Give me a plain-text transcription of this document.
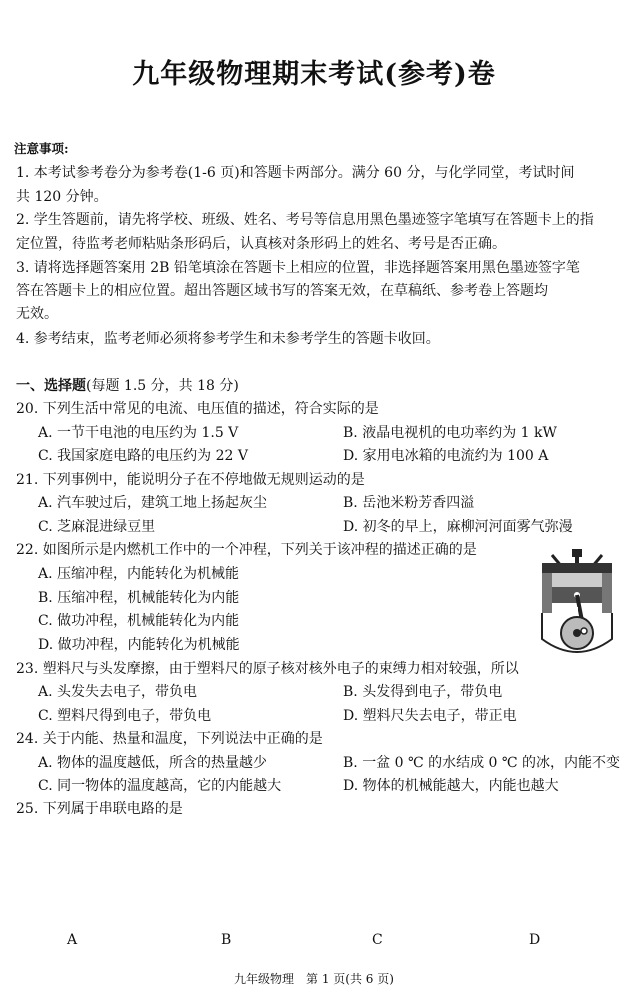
九年级物理期末考试(参考)卷
注意事项:
1. 本考试参考卷分为参考卷(1-6 页)和答题卡两部分。满分 60 分，与化学同堂，考试时间
共 120 分钟。
2. 学生答题前，请先将学校、班级、姓名、考号等信息用黑色墨迹签字笔填写在答题卡上的指
定位置，待监考老师粘贴条形码后，认真核对条形码上的姓名、考号是否正确。
3. 请将选择题答案用 2B 铅笔填涂在答题卡上相应的位置，非选择题答案用黑色墨迹签字笔
答在答题卡上的相应位置。超出答题区域书写的答案无效，在草稿纸、参考卷上答题均
无效。
4. 参考结束，监考老师必须将参考学生和未参考学生的答题卡收回。
一、选择题(每题 1.5 分，共 18 分)
20. 下列生活中常见的电流、电压值的描述，符合实际的是
A. 一节干电池的电压约为 1.5 V	B. 液晶电视机的电功率约为 1 kW
C. 我国家庭电路的电压约为 22 V	D. 家用电冰箱的电流约为 100 A
21. 下列事例中，能说明分子在不停地做无规则运动的是
A. 汽车驶过后，建筑工地上扬起灰尘	B. 岳池米粉芳香四溢
C. 芝麻混进绿豆里	D. 初冬的早上，麻柳河河面雾气弥漫
22. 如图所示是内燃机工作中的一个冲程，下列关于该冲程的描述正确的是
A. 压缩冲程，内能转化为机械能
B. 压缩冲程，机械能转化为内能
C. 做功冲程，机械能转化为内能
D. 做功冲程，内能转化为机械能
23. 塑料尺与头发摩擦，由于塑料尺的原子核对核外电子的束缚力相对较强，所以
A. 头发失去电子，带负电	B. 头发得到电子，带负电
C. 塑料尺得到电子，带负电	D. 塑料尺失去电子，带正电
24. 关于内能、热量和温度，下列说法中正确的是
A. 物体的温度越低，所含的热量越少	B. 一盆 0 ℃ 的水结成 0 ℃ 的冰，内能不变
C. 同一物体的温度越高，它的内能越大	D. 物体的机械能越大，内能也越大
25. 下列属于串联电路的是
A	B	C	D
九年级物理　第 1 页(共 6 页)
